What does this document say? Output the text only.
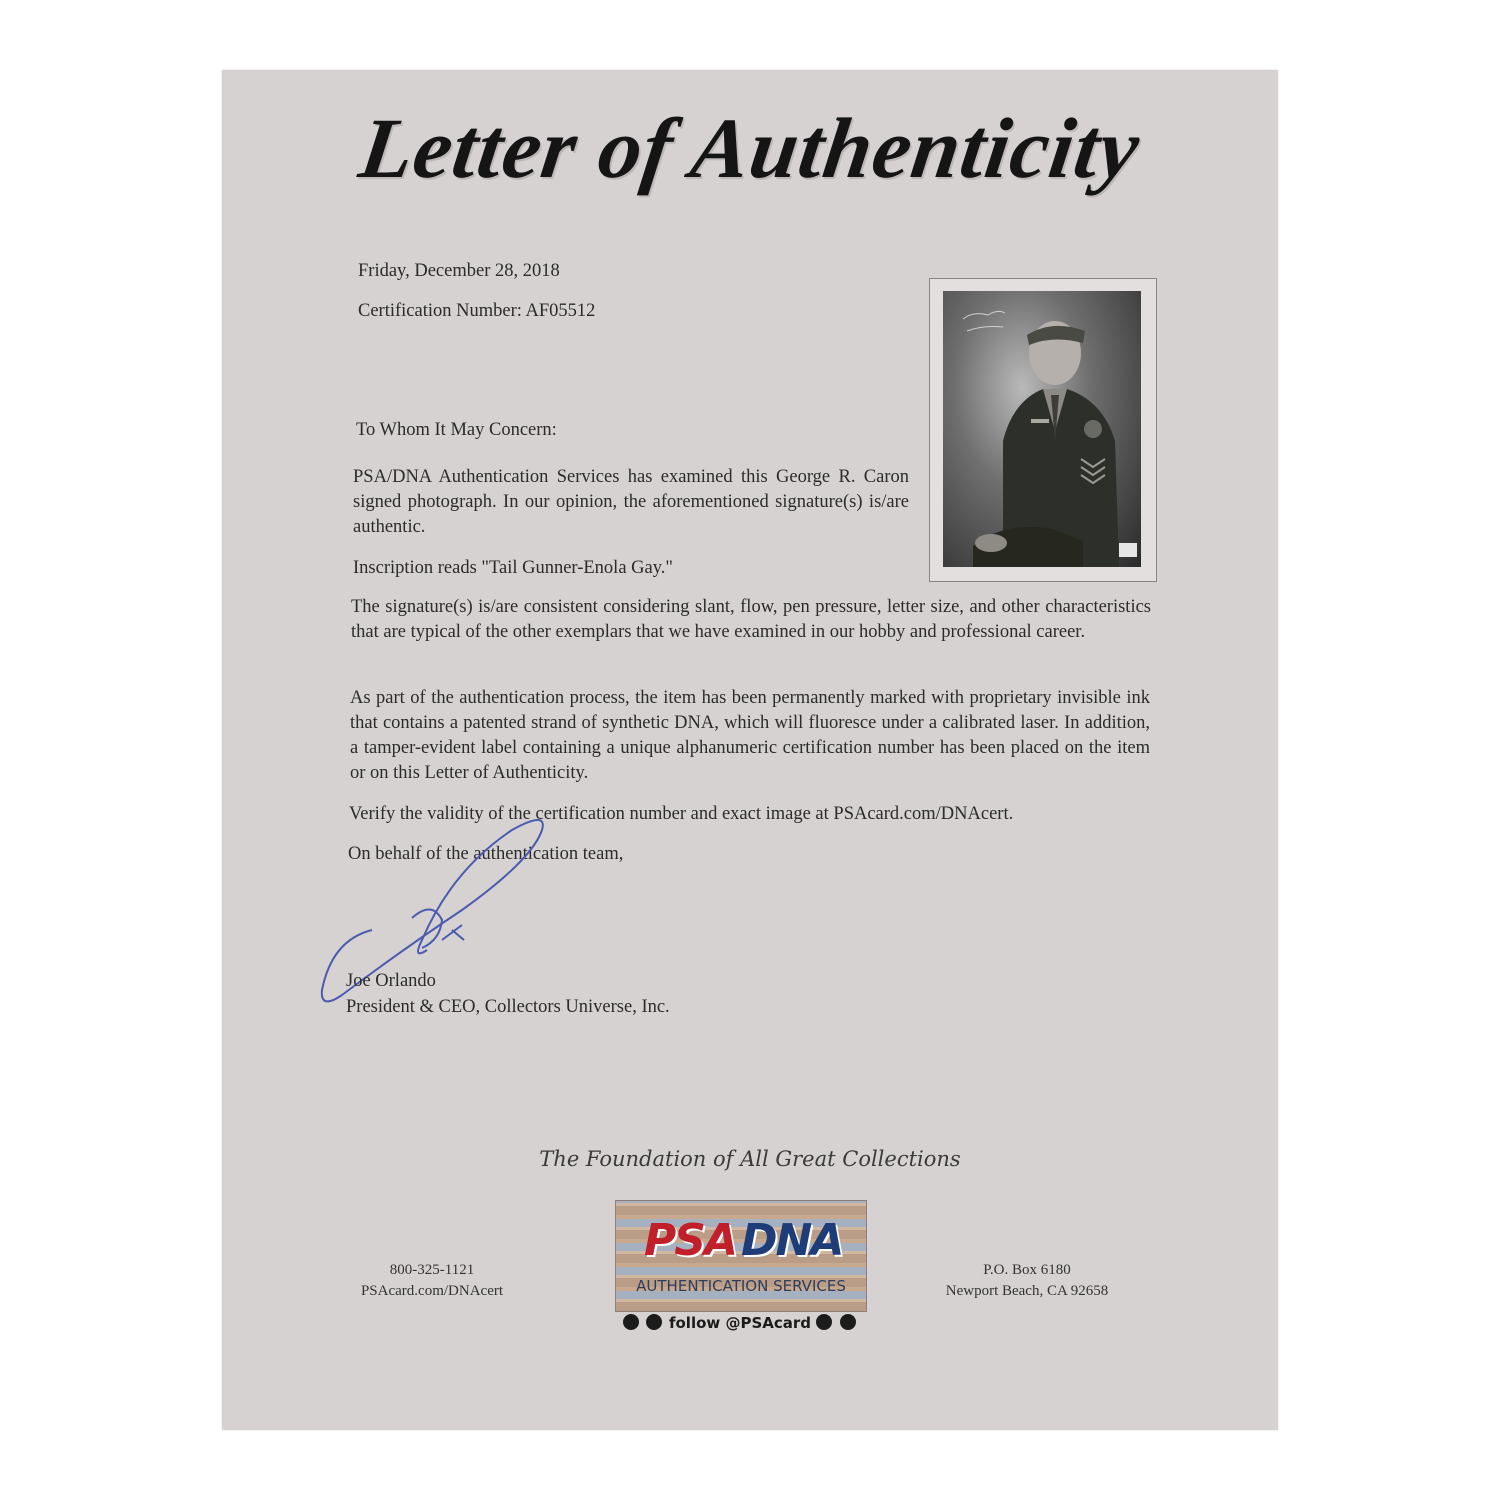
Letter of Authenticity
Friday, December 28, 2018
Certification Number: AF05512
To Whom It May Concern:
PSA/DNA Authentication Services has examined this George R. Caron signed photograph. In our opinion, the aforementioned signature(s) is/are authentic.
Inscription reads "Tail Gunner-Enola Gay."
The signature(s) is/are consistent considering slant, flow, pen pressure, letter size, and other characteristics that are typical of the other exemplars that we have examined in our hobby and professional career.
As part of the authentication process, the item has been permanently marked with proprietary invisible ink that contains a patented strand of synthetic DNA, which will fluoresce under a calibrated laser. In addition, a tamper-evident label containing a unique alphanumeric certification number has been placed on the item or on this Letter of Authenticity.
Verify the validity of the certification number and exact image at PSAcard.com/DNAcert.
On behalf of the authentication team,
Joe Orlando
President & CEO, Collectors Universe, Inc.
The Foundation of All Great Collections
800-325-1121
PSAcard.com/DNAcert
PSA DNA
AUTHENTICATION SERVICES
follow @PSAcard
P.O. Box 6180
Newport Beach, CA 92658
